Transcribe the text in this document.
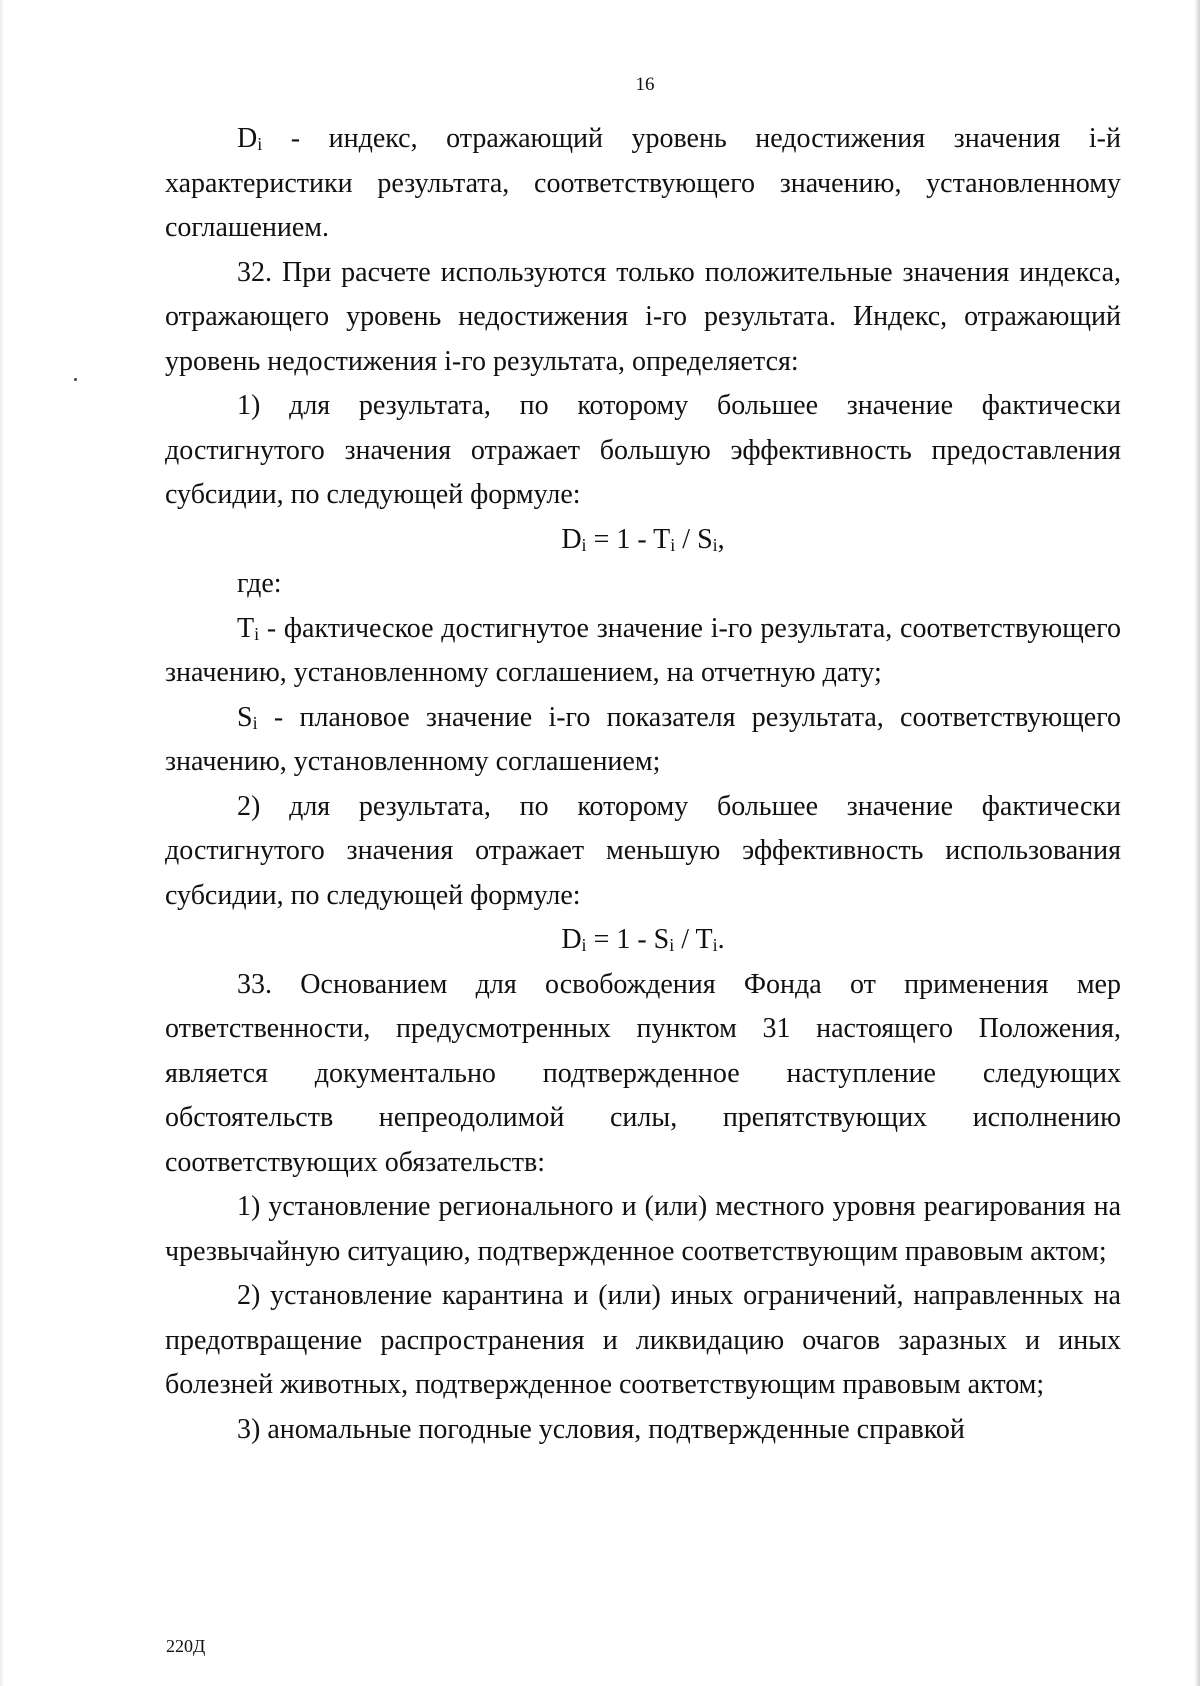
16

$D_i$ - индекс, отражающий уровень недостижения значения i-й характеристики результата, соответствующего значению, установленному соглашением.

32. При расчете используются только положительные значения индекса, отражающего уровень недостижения i-го результата. Индекс, отражающий уровень недостижения i-го результата, определяется:

1) для результата, по которому большее значение фактически достигнутого значения отражает большую эффективность предоставления субсидии, по следующей формуле:

$D_i = 1 - T_i / S_i$,

где:

$T_i$ - фактическое достигнутое значение i-го результата, соответствующего значению, установленному соглашением, на отчетную дату;

$S_i$ - плановое значение i-го показателя результата, соответствующего значению, установленному соглашением;

2) для результата, по которому большее значение фактически достигнутого значения отражает меньшую эффективность использования субсидии, по следующей формуле:

$D_i = 1 - S_i / T_i$.

33. Основанием для освобождения Фонда от применения мер ответственности, предусмотренных пунктом 31 настоящего Положения, является документально подтвержденное наступление следующих обстоятельств непреодолимой силы, препятствующих исполнению соответствующих обязательств:

1) установление регионального и (или) местного уровня реагирования на чрезвычайную ситуацию, подтвержденное соответствующим правовым актом;

2) установление карантина и (или) иных ограничений, направленных на предотвращение распространения и ликвидацию очагов заразных и иных болезней животных, подтвержденное соответствующим правовым актом;

3) аномальные погодные условия, подтвержденные справкой

220Д
